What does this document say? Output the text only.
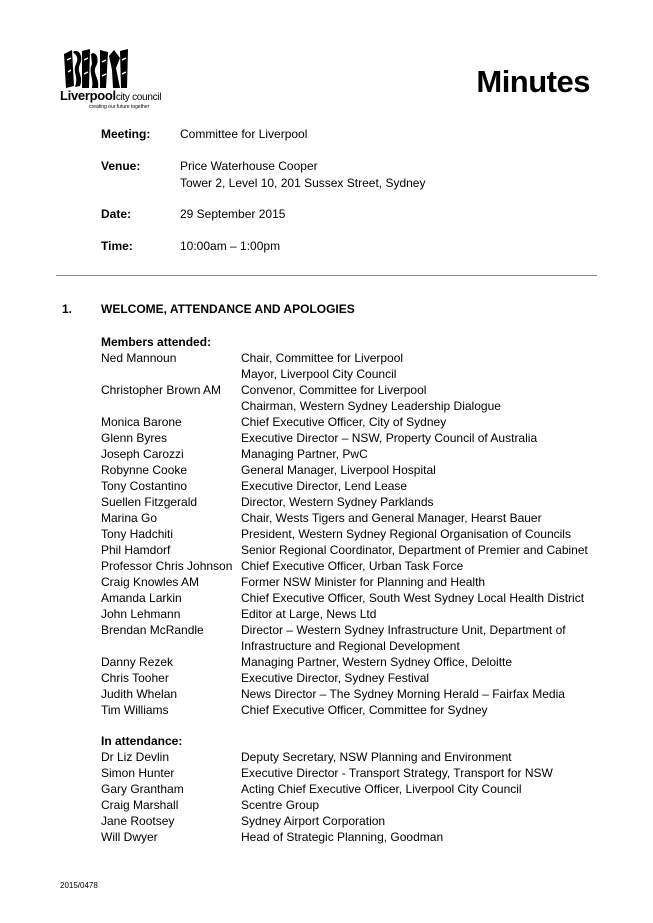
Liverpoolcity council
creating our future together
Minutes
Meeting: Committee for Liverpool
Venue:	Price Waterhouse Cooper
Tower 2, Level 10, 201 Sussex Street, Sydney
Date:	29 September 2015
Time:	10:00am – 1:00pm
1. WELCOME, ATTENDANCE AND APOLOGIES
Members attended:
Ned Mannoun	Chair, Committee for Liverpool
Mayor, Liverpool City Council
Christopher Brown AM	Convenor, Committee for Liverpool
Chairman, Western Sydney Leadership Dialogue
Monica Barone	Chief Executive Officer, City of Sydney
Glenn Byres	Executive Director – NSW, Property Council of Australia
Joseph Carozzi	Managing Partner, PwC
Robynne Cooke	General Manager, Liverpool Hospital
Tony Costantino	Executive Director, Lend Lease
Suellen Fitzgerald	Director, Western Sydney Parklands
Marina Go	Chair, Wests Tigers and General Manager, Hearst Bauer
Tony Hadchiti	President, Western Sydney Regional Organisation of Councils
Phil Hamdorf	Senior Regional Coordinator, Department of Premier and Cabinet
Professor Chris Johnson Chief Executive Officer, Urban Task Force
Craig Knowles AM	Former NSW Minister for Planning and Health
Amanda Larkin	Chief Executive Officer, South West Sydney Local Health District
John Lehmann	Editor at Large, News Ltd
Brendan McRandle	Director – Western Sydney Infrastructure Unit, Department of
Infrastructure and Regional Development
Danny Rezek	Managing Partner, Western Sydney Office, Deloitte
Chris Tooher	Executive Director, Sydney Festival
Judith Whelan	News Director – The Sydney Morning Herald – Fairfax Media
Tim Williams	Chief Executive Officer, Committee for Sydney
In attendance:
Dr Liz Devlin	Deputy Secretary, NSW Planning and Environment
Simon Hunter	Executive Director - Transport Strategy, Transport for NSW
Gary Grantham	Acting Chief Executive Officer, Liverpool City Council
Craig Marshall	Scentre Group
Jane Rootsey	Sydney Airport Corporation
Will Dwyer	Head of Strategic Planning, Goodman
2015/0478
